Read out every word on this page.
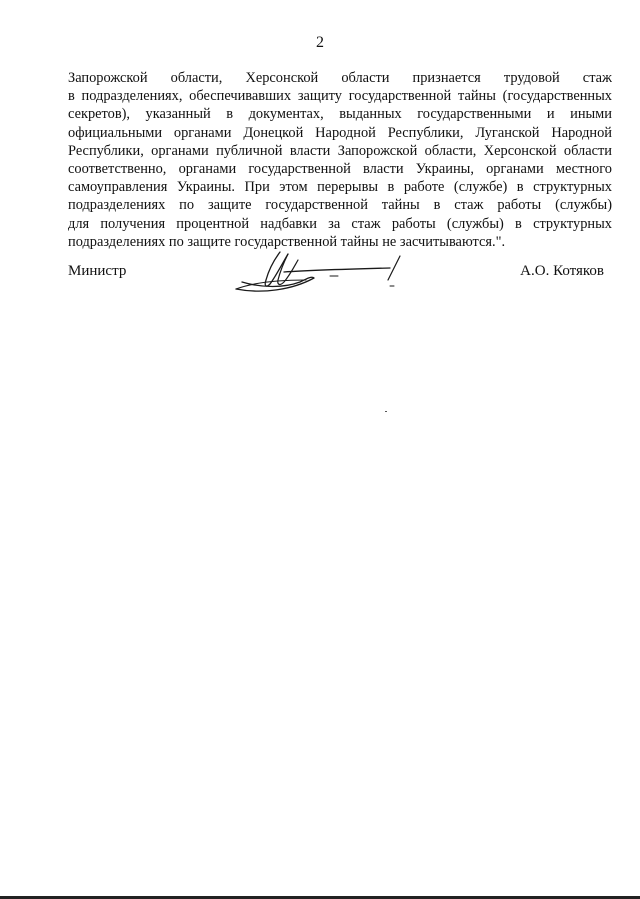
2
Запорожской области, Херсонской области признается трудовой стаж
в подразделениях, обеспечивавших защиту государственной тайны (государственных
секретов), указанный в документах, выданных государственными и иными
официальными органами Донецкой Народной Республики, Луганской Народной
Республики, органами публичной власти Запорожской области, Херсонской области
соответственно, органами государственной власти Украины, органами местного
самоуправления Украины. При этом перерывы в работе (службе) в структурных
подразделениях по защите государственной тайны в стаж работы (службы)
для получения процентной надбавки за стаж работы (службы) в структурных
подразделениях по защите государственной тайны не засчитываются.".
Министр	А.О. Котяков
